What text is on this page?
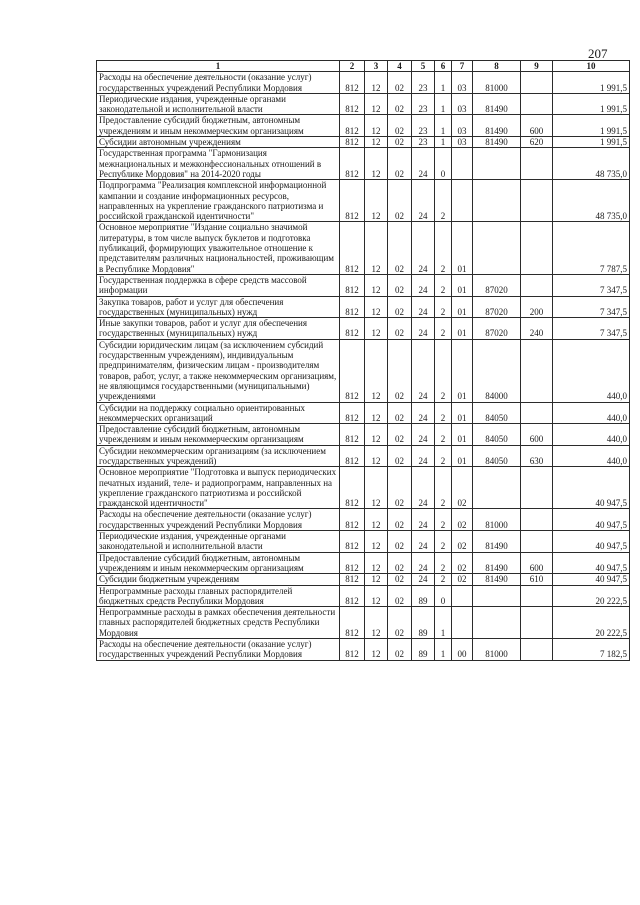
207
1	2	3	4	5	6	7	8	9	10
Расходы на обеспечение деятельности (оказание услуг) государственных учреждений Республики Мордовия	812	12	02	23	1	03	81000		1 991,5
Периодические издания, учрежденные органами законодательной и исполнительной власти	812	12	02	23	1	03	81490		1 991,5
Предоставление субсидий бюджетным, автономным учреждениям и иным некоммерческим организациям	812	12	02	23	1	03	81490	600	1 991,5
Субсидии автономным учреждениям	812	12	02	23	1	03	81490	620	1 991,5
Государственная программа "Гармонизация межнациональных и межконфессиональных отношений в Республике Мордовия" на 2014-2020 годы	812	12	02	24	0				48 735,0
Подпрограмма "Реализация комплексной информационной кампании и создание информационных ресурсов, направленных на укрепление гражданского патриотизма и российской гражданской идентичности"	812	12	02	24	2				48 735,0
Основное мероприятие "Издание социально значимой литературы, в том числе выпуск буклетов и подготовка публикаций, формирующих уважительное отношение к представителям различных национальностей, проживающим в Республике Мордовия"	812	12	02	24	2	01			7 787,5
Государственная поддержка в сфере средств массовой информации	812	12	02	24	2	01	87020		7 347,5
Закупка товаров, работ и услуг для обеспечения государственных (муниципальных) нужд	812	12	02	24	2	01	87020	200	7 347,5
Иные закупки товаров, работ и услуг для обеспечения государственных (муниципальных) нужд	812	12	02	24	2	01	87020	240	7 347,5
Субсидии юридическим лицам (за исключением субсидий государственным учреждениям), индивидуальным предпринимателям, физическим лицам - производителям товаров, работ, услуг, а также некоммерческим организациям, не являющимся государственными (муниципальными) учреждениями	812	12	02	24	2	01	84000		440,0
Субсидии на поддержку социально ориентированных некоммерческих организаций	812	12	02	24	2	01	84050		440,0
Предоставление субсидий бюджетным, автономным учреждениям и иным некоммерческим организациям	812	12	02	24	2	01	84050	600	440,0
Субсидии некоммерческим организациям (за исключением государственных учреждений)	812	12	02	24	2	01	84050	630	440,0
Основное мероприятие "Подготовка и выпуск периодических печатных изданий, теле- и радиопрограмм, направленных на укрепление гражданского патриотизма и российской гражданской идентичности"	812	12	02	24	2	02			40 947,5
Расходы на обеспечение деятельности (оказание услуг) государственных учреждений Республики Мордовия	812	12	02	24	2	02	81000		40 947,5
Периодические издания, учрежденные органами законодательной и исполнительной власти	812	12	02	24	2	02	81490		40 947,5
Предоставление субсидий бюджетным, автономным учреждениям и иным некоммерческим организациям	812	12	02	24	2	02	81490	600	40 947,5
Субсидии бюджетным учреждениям	812	12	02	24	2	02	81490	610	40 947,5
Непрограммные расходы главных распорядителей бюджетных средств Республики Мордовия	812	12	02	89	0				20 222,5
Непрограммные расходы в рамках обеспечения деятельности главных распорядителей бюджетных средств Республики Мордовия	812	12	02	89	1				20 222,5
Расходы на обеспечение деятельности (оказание услуг) государственных учреждений Республики Мордовия	812	12	02	89	1	00	81000		7 182,5
